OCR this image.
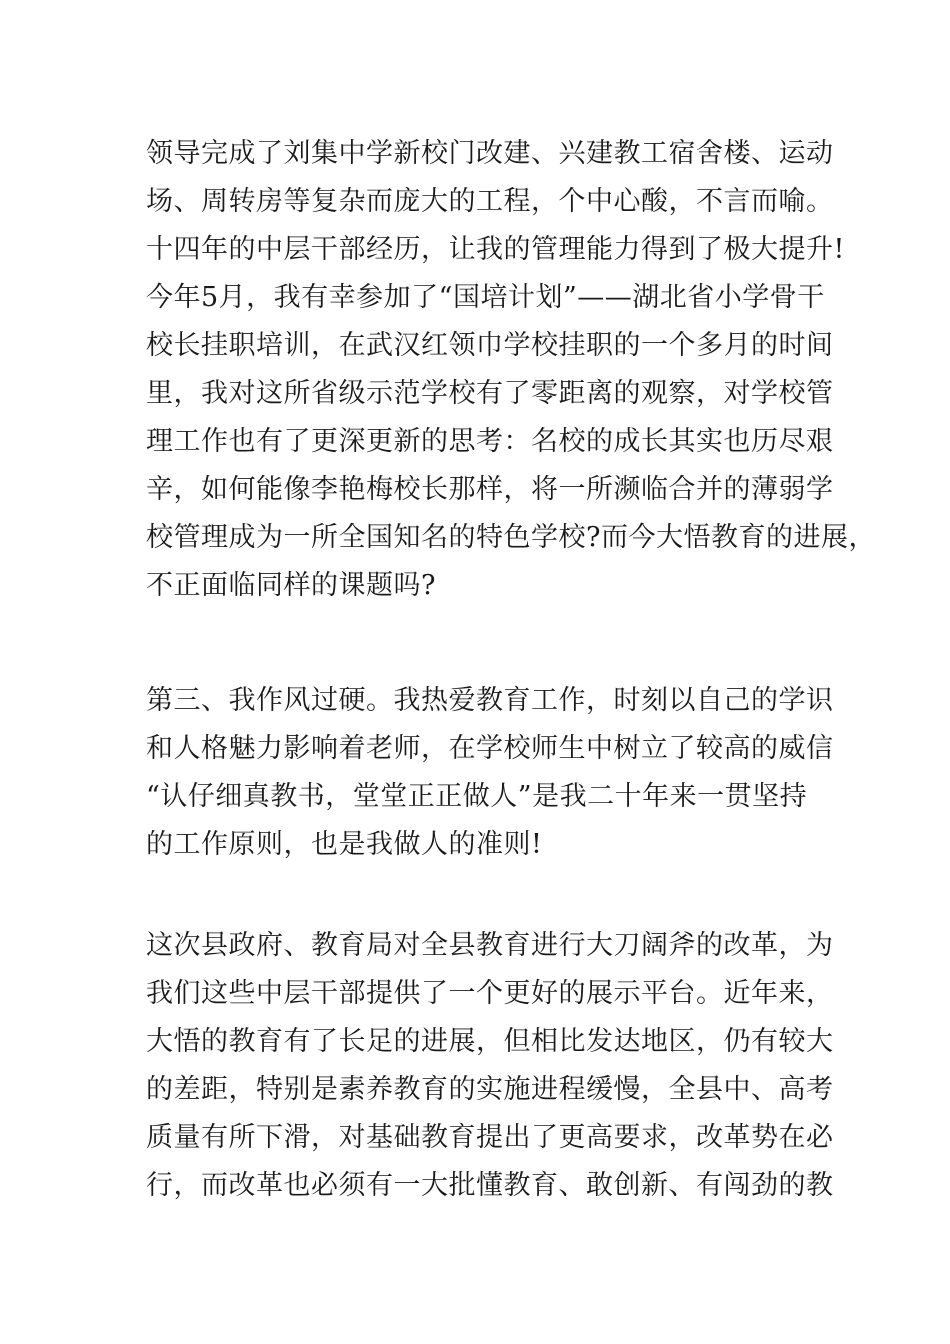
领导完成了刘集中学新校门改建、兴建教工宿舍楼、运动
场、周转房等复杂而庞大的工程，个中心酸，不言而喻。
十四年的中层干部经历，让我的管理能力得到了极大提升!
今年5月，我有幸参加了“国培计划”——湖北省小学骨干
校长挂职培训，在武汉红领巾学校挂职的一个多月的时间
里，我对这所省级示范学校有了零距离的观察，对学校管
理工作也有了更深更新的思考：名校的成长其实也历尽艰
辛，如何能像李艳梅校长那样，将一所濒临合并的薄弱学
校管理成为一所全国知名的特色学校?而今大悟教育的进展，
不正面临同样的课题吗?
第三、我作风过硬。我热爱教育工作，时刻以自己的学识
和人格魅力影响着老师，在学校师生中树立了较高的威信
“认仔细真教书，堂堂正正做人”是我二十年来一贯坚持
的工作原则，也是我做人的准则!
这次县政府、教育局对全县教育进行大刀阔斧的改革，为
我们这些中层干部提供了一个更好的展示平台。近年来，
大悟的教育有了长足的进展，但相比发达地区，仍有较大
的差距，特别是素养教育的实施进程缓慢，全县中、高考
质量有所下滑，对基础教育提出了更高要求，改革势在必
行，而改革也必须有一大批懂教育、敢创新、有闯劲的教
